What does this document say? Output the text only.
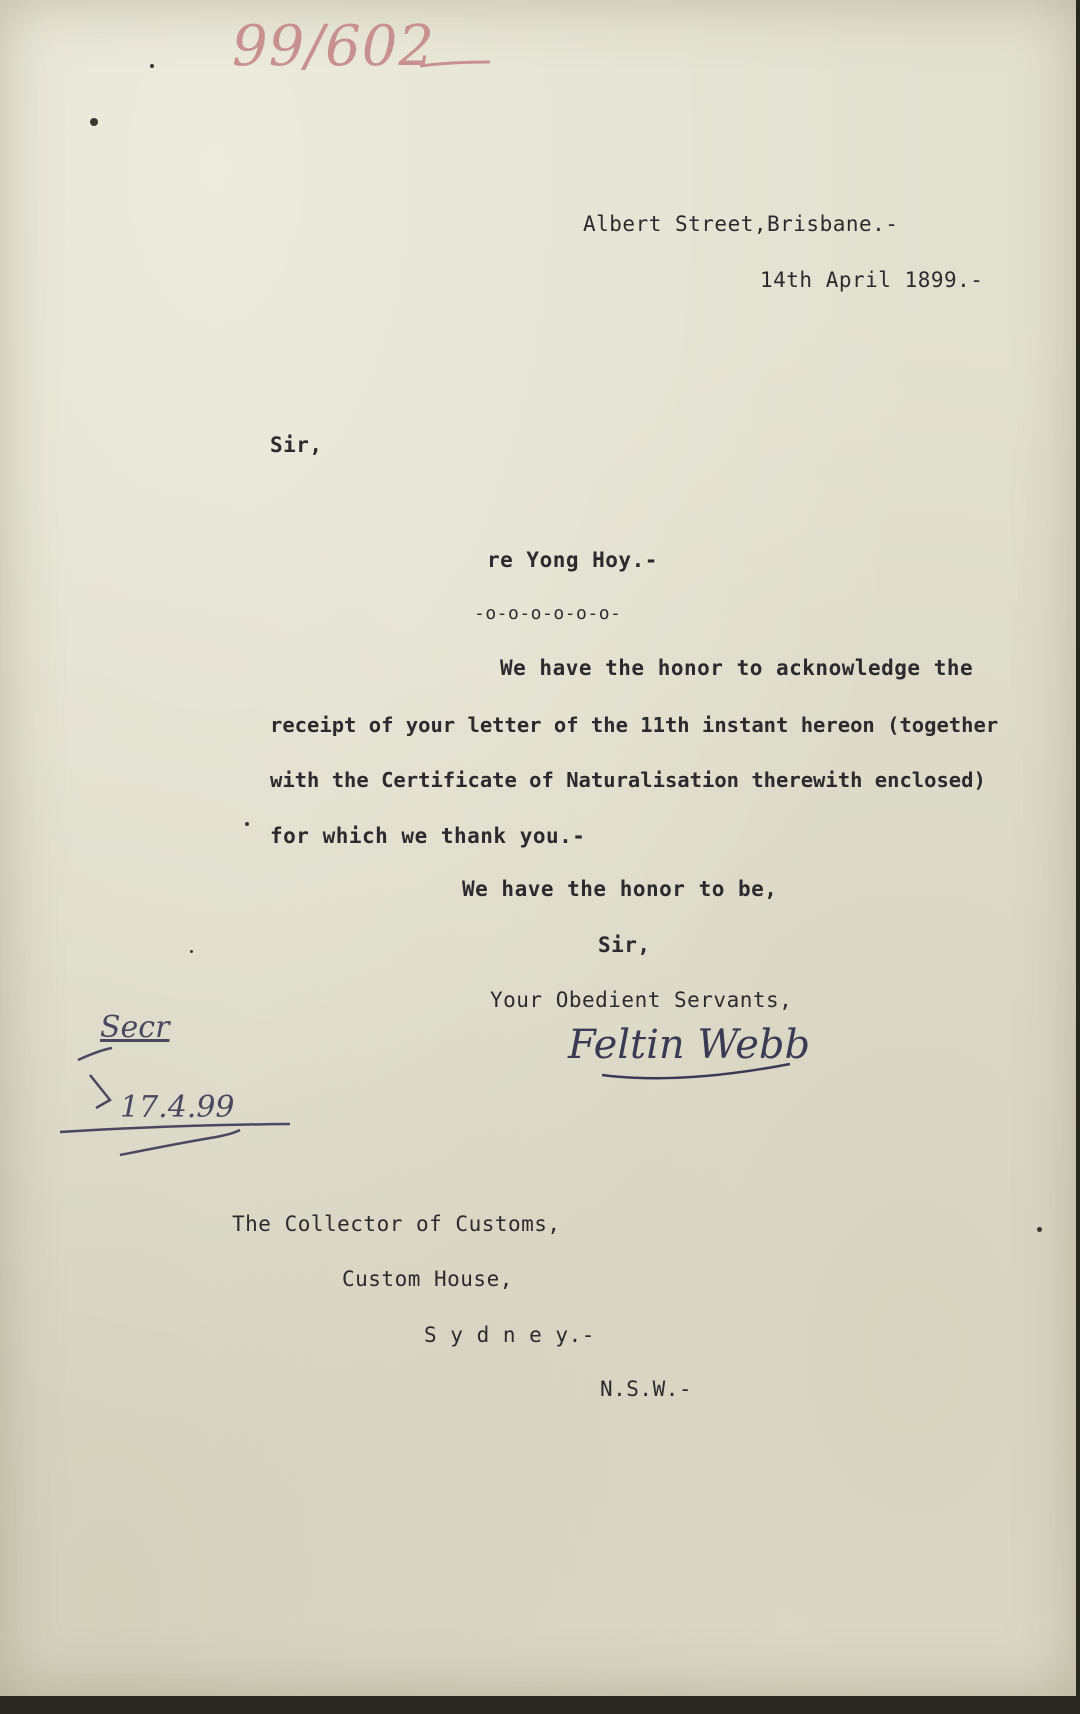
99/602
Albert Street,Brisbane.-
14th April 1899.-
Sir,
re Yong Hoy.-
-o-o-o-o-o-o-
We have the honor to acknowledge the
receipt of your letter of the 11th instant hereon (together
with the Certificate of Naturalisation therewith enclosed)
for which we thank you.-
We have the honor to be,
Sir,
Your Obedient Servants,
Feltin Webb
Secr
17.4.99
The Collector of Customs,
Custom House,
S y d n e y.-
N.S.W.-
